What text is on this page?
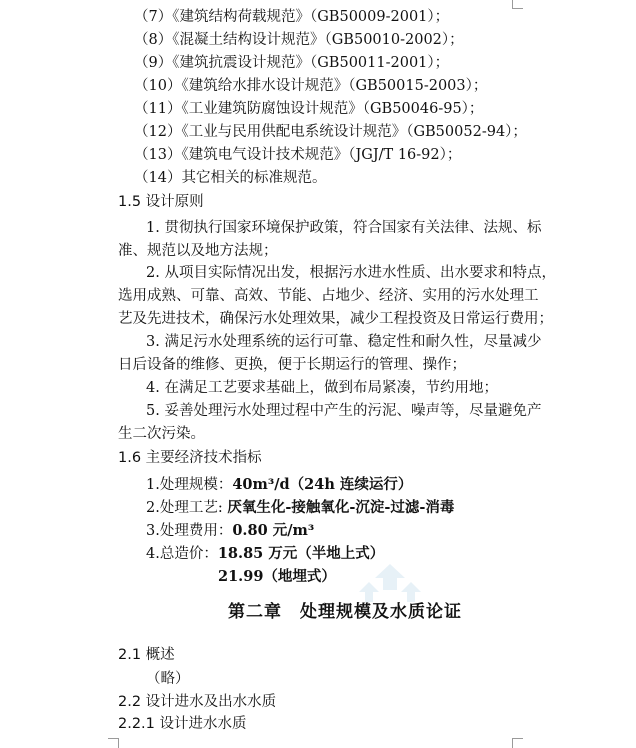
（7）《建筑结构荷载规范》（GB50009-2001）；
（8）《混凝土结构设计规范》（GB50010-2002）；
（9）《建筑抗震设计规范》（GB50011-2001）；
（10）《建筑给水排水设计规范》（GB50015-2003）；
（11）《工业建筑防腐蚀设计规范》（GB50046-95）；
（12）《工业与民用供配电系统设计规范》（GB50052-94）；
（13）《建筑电气设计技术规范》（JGJ/T 16-92）；
（14）其它相关的标准规范。
1.5 设计原则
1. 贯彻执行国家环境保护政策，符合国家有关法律、法规、标
准、规范以及地方法规；
2. 从项目实际情况出发，根据污水进水性质、出水要求和特点，
选用成熟、可靠、高效、节能、占地少、经济、实用的污水处理工
艺及先进技术，确保污水处理效果，减少工程投资及日常运行费用；
3. 满足污水处理系统的运行可靠、稳定性和耐久性，尽量减少
日后设备的维修、更换，便于长期运行的管理、操作；
4. 在满足工艺要求基础上，做到布局紧凑，节约用地；
5. 妥善处理污水处理过程中产生的污泥、噪声等，尽量避免产
生二次污染。
1.6 主要经济技术指标
1.处理规模：40m³/d（24h 连续运行）
2.处理工艺: 厌氧生化-接触氧化-沉淀-过滤-消毒
3.处理费用：0.80 元/m³
4.总造价：18.85 万元（半地上式）
21.99（地埋式）
第二章　处理规模及水质论证
2.1 概述
（略）
2.2 设计进水及出水水质
2.2.1 设计进水水质
